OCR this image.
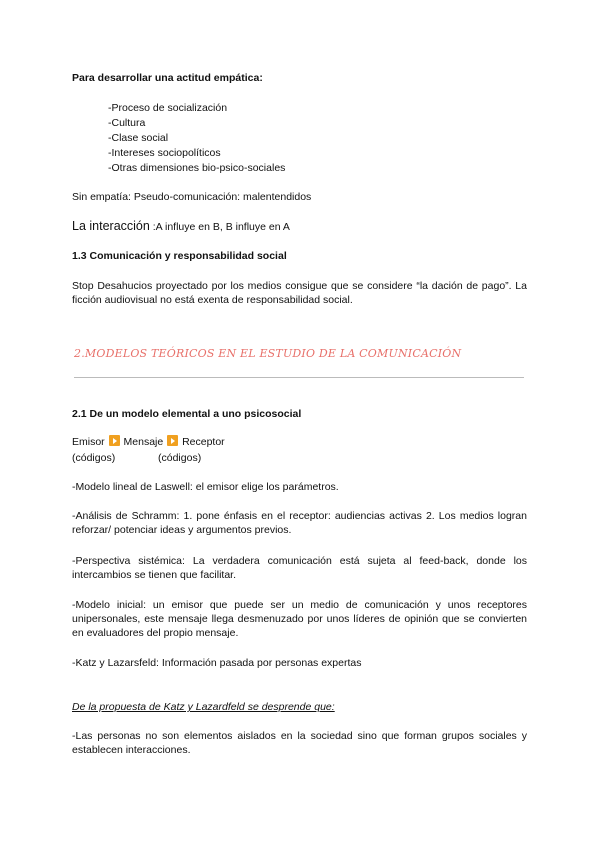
Para desarrollar una actitud empática:
-Proceso de socialización
-Cultura
-Clase social
-Intereses sociopolíticos
-Otras dimensiones bio-psico-sociales
Sin empatía: Pseudo-comunicación: malentendidos
La interacción :A influye en B, B influye en A
1.3 Comunicación y responsabilidad social
Stop Desahucios proyectado por los medios consigue que se considere “la dación de pago”. La ficción audiovisual no está exenta de responsabilidad social.
2.MODELOS TEÓRICOS EN EL ESTUDIO DE LA COMUNICACIÓN
2.1 De un modelo elemental a uno psicosocial
Emisor Mensaje Receptor
(códigos)	(códigos)
-Modelo lineal de Laswell: el emisor elige los parámetros.
-Análisis de Schramm: 1. pone énfasis en el receptor: audiencias activas 2. Los medios logran reforzar/ potenciar ideas y argumentos previos.
-Perspectiva sistémica: La verdadera comunicación está sujeta al feed-back, donde los intercambios se tienen que facilitar.
-Modelo inicial: un emisor que puede ser un medio de comunicación y unos receptores unipersonales, este mensaje llega desmenuzado por unos líderes de opinión que se convierten en evaluadores del propio mensaje.
-Katz y Lazarsfeld: Información pasada por personas expertas
De la propuesta de Katz y Lazardfeld se desprende que:
-Las personas no son elementos aislados en la sociedad sino que forman grupos sociales y establecen interacciones.
